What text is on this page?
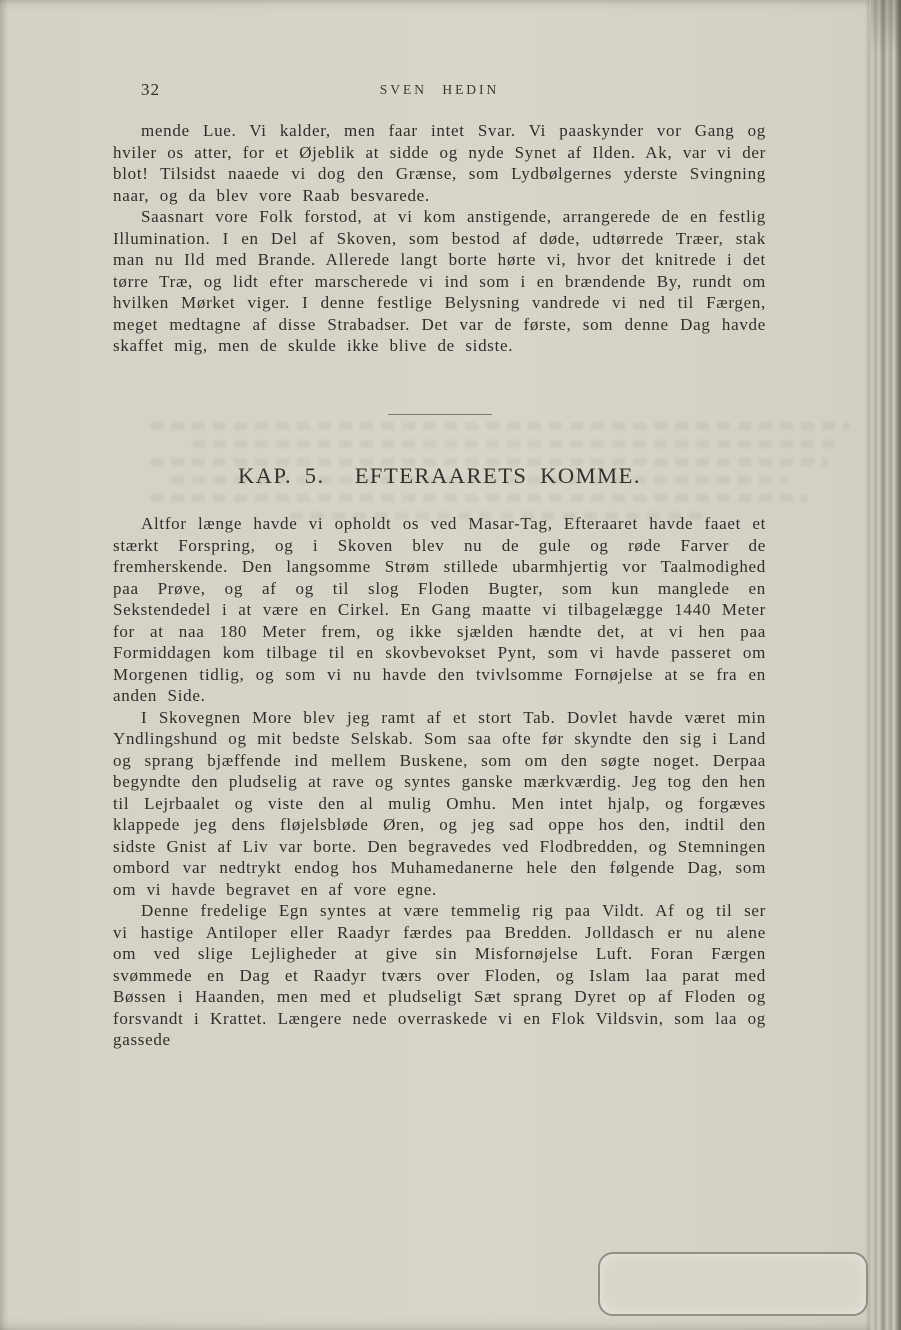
32	SVEN HEDIN

mende Lue. Vi kalder, men faar intet Svar. Vi paaskynder vor Gang og hviler os atter, for et Øjeblik at sidde og nyde Synet af Ilden. Ak, var vi der blot! Tilsidst naaede vi dog den Grænse, som Lydbølgernes yderste Svingning naar, og da blev vore Raab besvarede.

Saasnart vore Folk forstod, at vi kom anstigende, arrangerede de en festlig Illumination. I en Del af Skoven, som bestod af døde, udtørrede Træer, stak man nu Ild med Brande. Allerede langt borte hørte vi, hvor det knitrede i det tørre Træ, og lidt efter marscherede vi ind som i en brændende By, rundt om hvilken Mørket viger. I denne festlige Belysning vandrede vi ned til Færgen, meget medtagne af disse Strabadser. Det var de første, som denne Dag havde skaffet mig, men de skulde ikke blive de sidste.

KAP. 5. EFTERAARETS KOMME.

Altfor længe havde vi opholdt os ved Masar-Tag, Efteraaret havde faaet et stærkt Forspring, og i Skoven blev nu de gule og røde Farver de fremherskende. Den langsomme Strøm stillede ubarmhjertig vor Taalmodighed paa Prøve, og af og til slog Floden Bugter, som kun manglede en Sekstendedel i at være en Cirkel. En Gang maatte vi tilbagelægge 1440 Meter for at naa 180 Meter frem, og ikke sjælden hændte det, at vi hen paa Formiddagen kom tilbage til en skovbevokset Pynt, som vi havde passeret om Morgenen tidlig, og som vi nu havde den tvivlsomme Fornøjelse at se fra en anden Side.

I Skovegnen More blev jeg ramt af et stort Tab. Dovlet havde været min Yndlingshund og mit bedste Selskab. Som saa ofte før skyndte den sig i Land og sprang bjæffende ind mellem Buskene, som om den søgte noget. Derpaa begyndte den pludselig at rave og syntes ganske mærkværdig. Jeg tog den hen til Lejrbaalet og viste den al mulig Omhu. Men intet hjalp, og forgæves klappede jeg dens fløjelsbløde Øren, og jeg sad oppe hos den, indtil den sidste Gnist af Liv var borte. Den begravedes ved Flodbredden, og Stemningen ombord var nedtrykt endog hos Muhamedanerne hele den følgende Dag, som om vi havde begravet en af vore egne.

Denne fredelige Egn syntes at være temmelig rig paa Vildt. Af og til ser vi hastige Antiloper eller Raadyr færdes paa Bredden. Jolldasch er nu alene om ved slige Lejligheder at give sin Misfornøjelse Luft. Foran Færgen svømmede en Dag et Raadyr tværs over Floden, og Islam laa parat med Bøssen i Haanden, men med et pludseligt Sæt sprang Dyret op af Floden og forsvandt i Krattet. Længere nede overraskede vi en Flok Vildsvin, som laa og gassede
